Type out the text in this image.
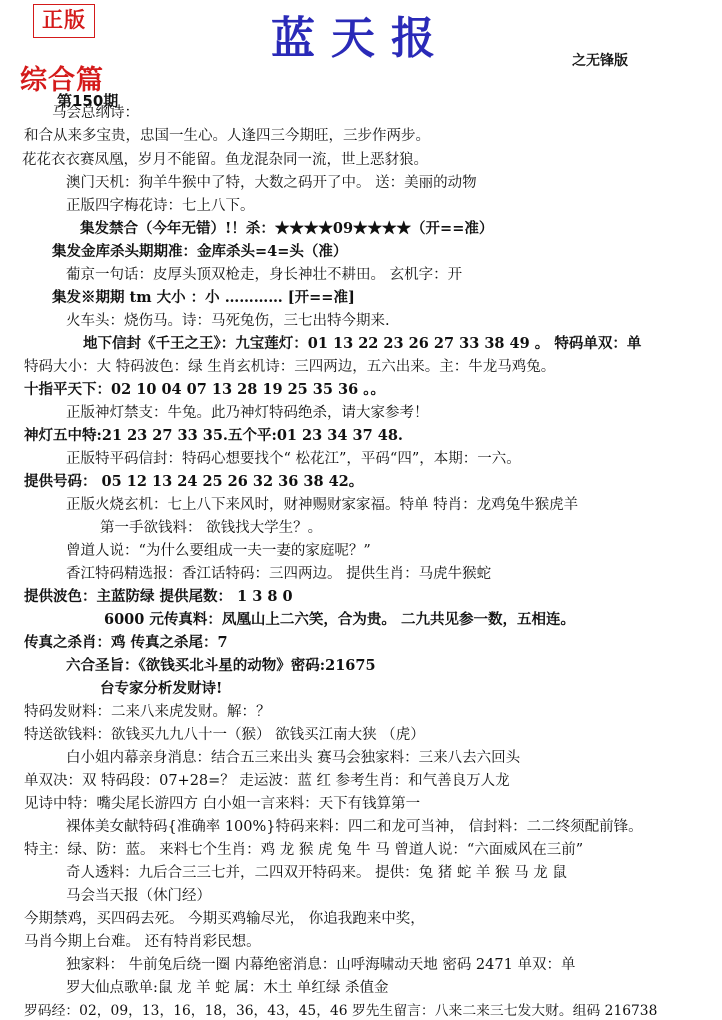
正版	蓝天报	之无锋版
综合篇
第150期
马会总纲诗：
和合从来多宝贵，忠国一生心。人逢四三今期旺，三步作两步。
花花衣衣赛凤凰，岁月不能留。鱼龙混杂同一流，世上恶豺狼。
澳门天机：狗羊牛猴中了特，大数之码开了中。 送：美丽的动物
正版四字梅花诗：七上八下。
集发禁合（今年无错）!！杀：★★★★09★★★★（开==准）
集发金库杀头期期准：金库杀头=4=头（准）
葡京一句话：皮厚头顶双枪走，身长神壮不耕田。 玄机字：开
集发※期期 tm 大小 ：小 ………… [开==准]
火车头：烧伤马。诗：马死兔伤，三七出特今期来.
地下信封《千王之王》：九宝莲灯：01 13 22 23 26 27 33 38 49 。 特码单双：单
特码大小：大 特码波色：绿 生肖玄机诗：三四两边，五六出来。主：牛龙马鸡兔。
十指平天下：02 10 04 07 13 28 19 25 35 36 。。
正版神灯禁支：牛兔。此乃神灯特码绝杀，请大家参考！
神灯五中特:21 23 27 33 35.五个平:01 23 34 37 48.
正版特平码信封：特码心想要找个“ 松花江”，平码“四”，本期：一六。
提供号码： 05 12 13 24 25 26 32 36 38 42。
正版火烧玄机：七上八下来风时，财神赐财家家福。特单 特肖：龙鸡兔牛猴虎羊
第一手欲钱料： 欲钱找大学生？。
曾道人说：“为什么要组成一夫一妻的家庭呢？”
香江特码精选报：香江话特码：三四两边。 提供生肖：马虎牛猴蛇
提供波色：主蓝防绿 提供尾数： 1 3 8 0
6000 元传真料：凤凰山上二六笑，合为贵。 二九共见参一数，五相连。
传真之杀肖：鸡 传真之杀尾：7
六合圣旨：《欲钱买北斗星的动物》密码:21675
台专家分析发财诗!
特码发财料：二来八来虎发财。解：？
特送欲钱料：欲钱买九九八十一（猴） 欲钱买江南大狭 （虎）
白小姐内幕亲身消息：结合五三来出头 赛马会独家料：三来八去六回头
单双决：双 特码段：07+28=？ 走运波：蓝 红 参考生肖：和气善良万人龙
见诗中特：嘴尖尾长游四方 白小姐一言来料：天下有钱算第一
裸体美女献特码{准确率 100%}特码来料：四二和龙可当神， 信封料：二二终须配前锋。
特主：绿、防：蓝。 来料七个生肖：鸡 龙 猴 虎 兔 牛 马 曾道人说：“六面威风在三前”
奇人透料：九后合三三七并，二四双开特码来。 提供：兔 猪 蛇 羊 猴 马 龙 鼠
马会当天报（休门经）
今期禁鸡，买四码去死。 今期买鸡输尽光， 你追我跑来中奖，
马肖今期上台难。 还有特肖彩民想。
独家料： 牛前兔后绕一圈 内幕绝密消息：山呼海啸动天地 密码 2471 单双：单
罗大仙点歌单:鼠 龙 羊 蛇 属：木土 单红绿 杀值金
罗码经：02，09，13，16，18，36，43，45，46 罗先生留言：八来二来三七发大财。组码 216738
